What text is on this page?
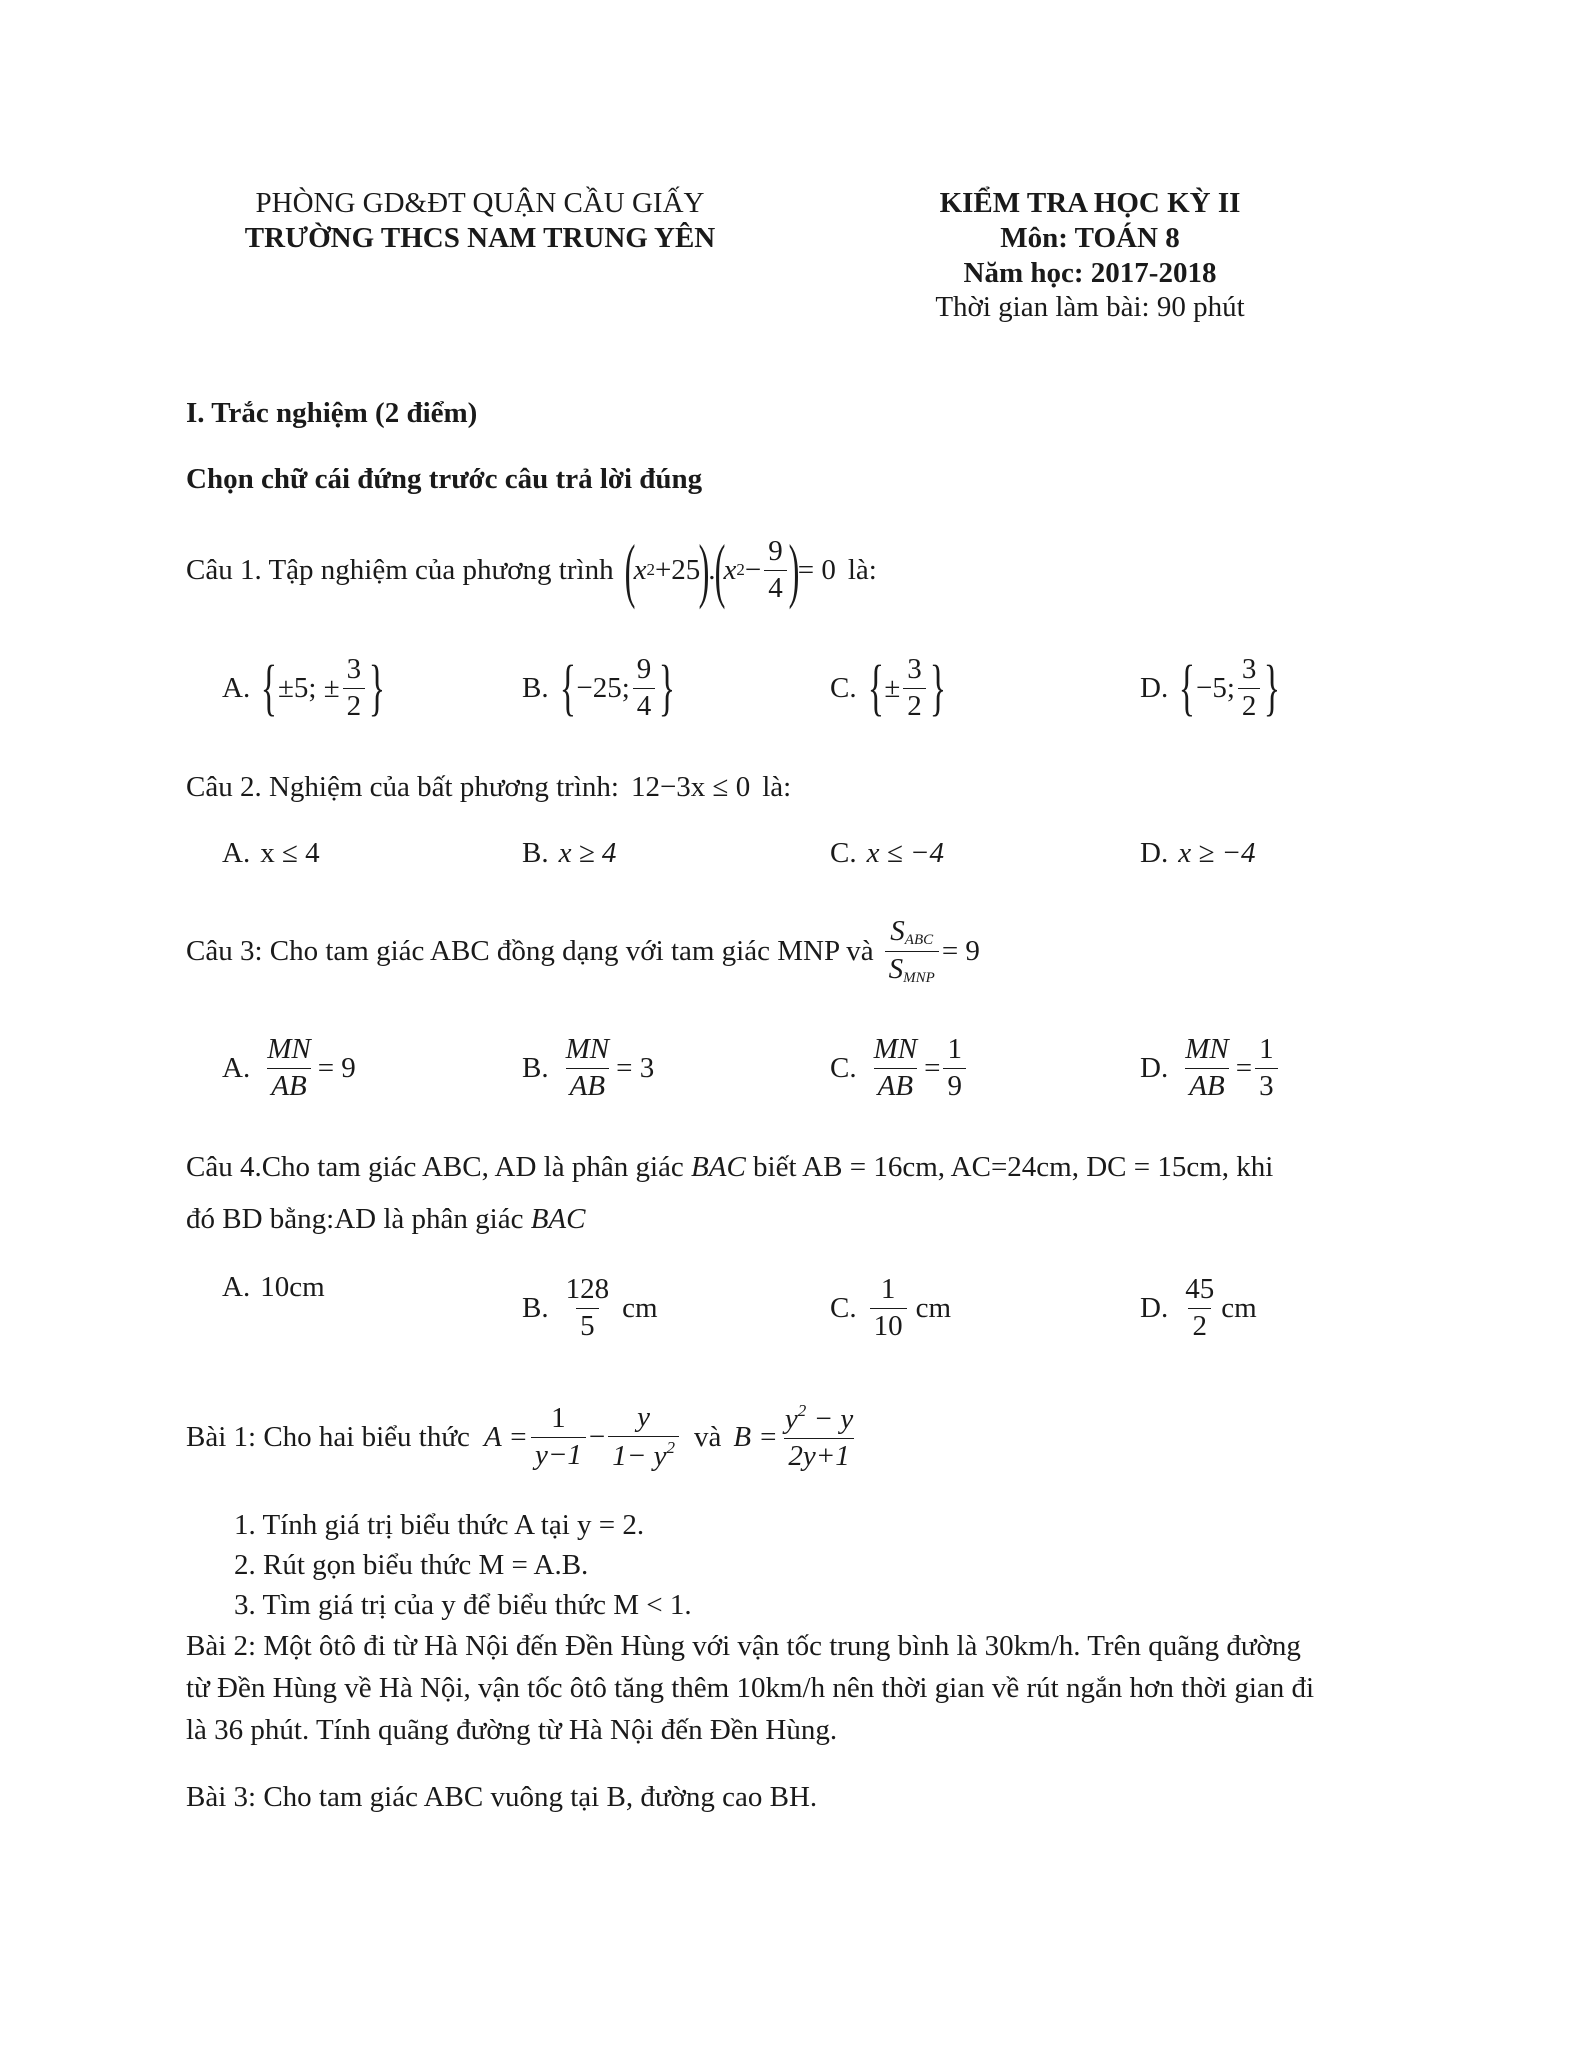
PHÒNG GD&ĐT QUẬN CẦU GIẤY
TRƯỜNG THCS NAM TRUNG YÊN
KIỂM TRA HỌC KỲ II
Môn: TOÁN 8
Năm học: 2017-2018
Thời gian làm bài: 90 phút
I. Trắc nghiệm (2 điểm)
Chọn chữ cái đứng trước câu trả lời đúng
Câu 1. Tập nghiệm của phương trình (
x 2 +25
)
.
(
x $2 - \frac{9}{4}$ )
= 0 là:
A. { ±5; ± $\frac{3}{2}$ }	B. { −25; $\frac{9}{4}$ }	C. { ± $\frac{3}{2}$ }	D. { −5; $\frac{3}{2}$ }
Câu 2. Nghiệm của bất phương trình: 12−3x ≤ 0 là:
A. x ≤ 4	B. x ≥ 4	C. x ≤ −4	D. x ≥ −4
Câu 3: Cho tam giác ABC đồng dạng với tam giác MNP và $\frac{S_{ABC}}{S_{MNP}} = 9$
A. $\frac{MN}{AB} = 9$	B. $\frac{MN}{AB} = 3$	C. $\frac{MN}{AB} = \frac{1}{9}$	D. $\frac{MN}{AB} = \frac{1}{3}$
Câu 4.Cho tam giác ABC, AD là phân giác BAC biết AB = 16cm, AC=24cm, DC = 15cm, khi
đó BD bằng:AD là phân giác BAC
A. 10cm
B. $\frac{128}{5}$ cm	C. $\frac{1}{10}$ cm	D. $\frac{45}{2}$ cm
Bài 1: Cho hai biểu thức $A = \frac{1}{y-1} - \frac{y}{1- y^2}$ và $B = \frac{y^2 - y}{2y+1}$
1. Tính giá trị biểu thức A tại y = 2.
2. Rút gọn biểu thức M = A.B.
3. Tìm giá trị của y để biểu thức M < 1.
Bài 2: Một ôtô đi từ Hà Nội đến Đền Hùng với vận tốc trung bình là 30km/h. Trên quãng đường
từ Đền Hùng về Hà Nội, vận tốc ôtô tăng thêm 10km/h nên thời gian về rút ngắn hơn thời gian đi
là 36 phút. Tính quãng đường từ Hà Nội đến Đền Hùng.
Bài 3: Cho tam giác ABC vuông tại B, đường cao BH.
